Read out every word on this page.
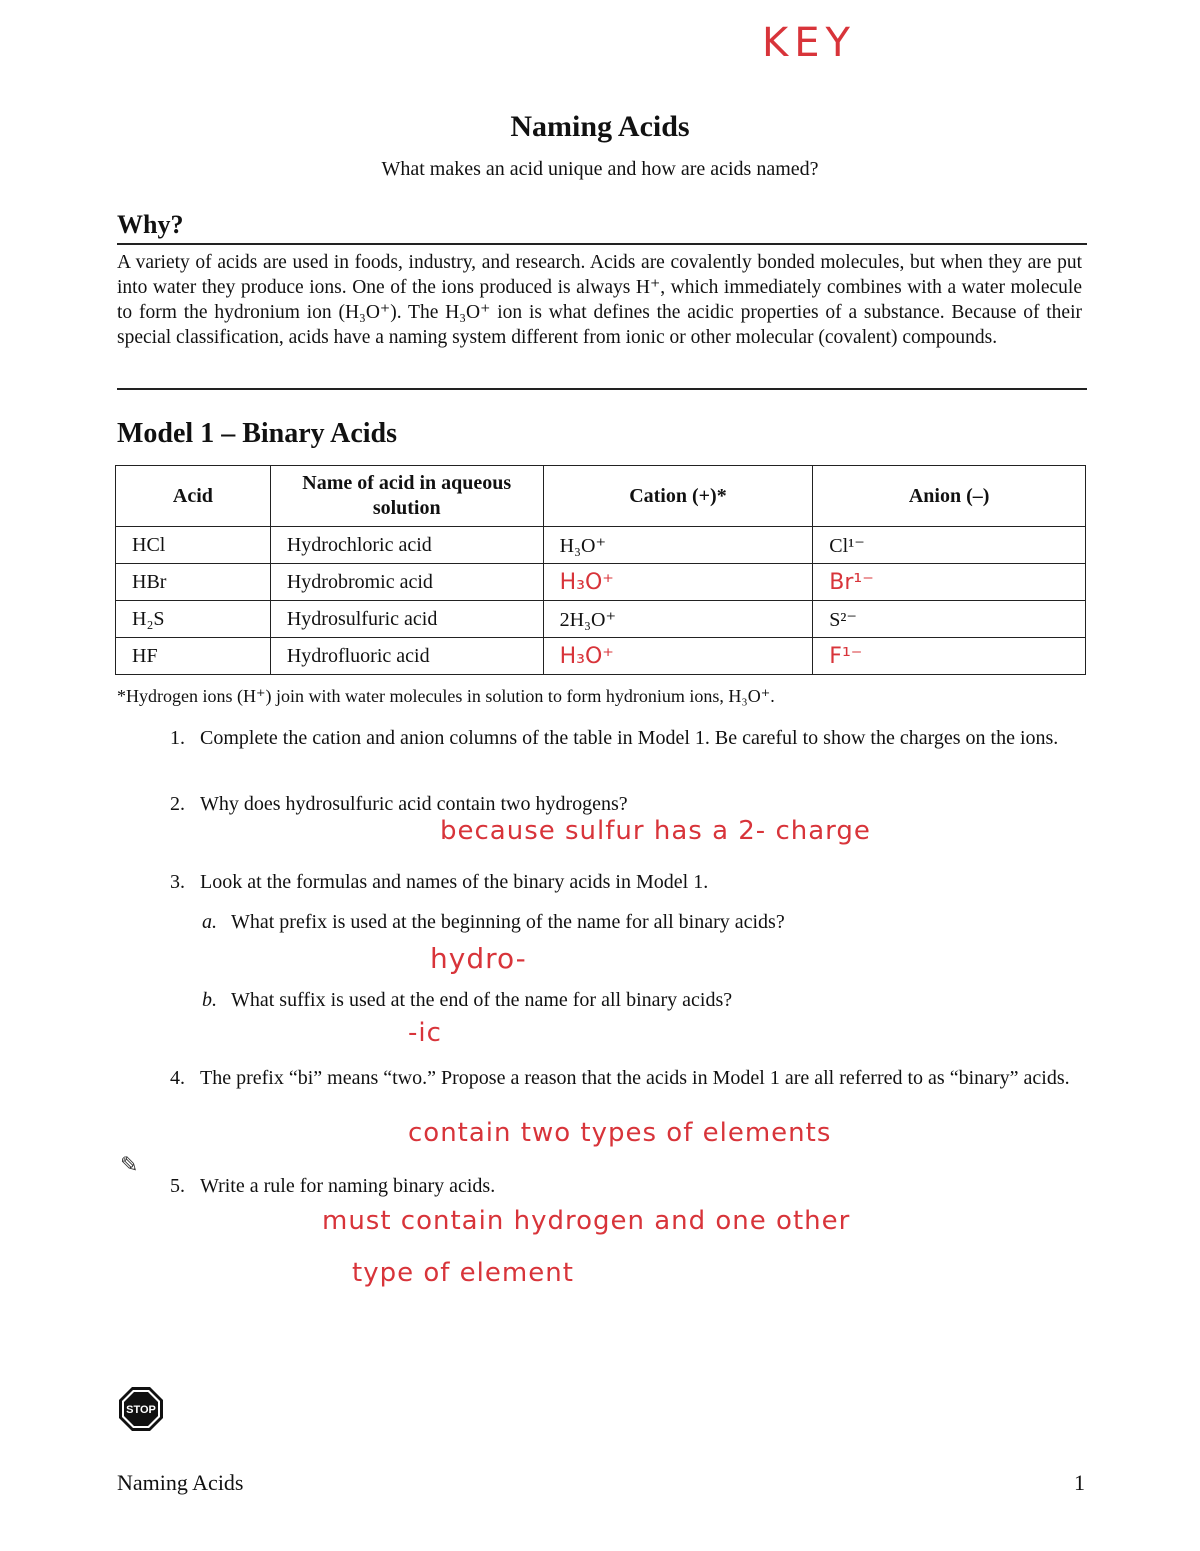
KEY
Naming Acids
What makes an acid unique and how are acids named?
Why?
A variety of acids are used in foods, industry, and research. Acids are covalently bonded molecules, but when they are put into water they produce ions. One of the ions produced is always H⁺, which immediately combines with a water molecule to form the hydronium ion (H₃O⁺). The H₃O⁺ ion is what defines the acidic properties of a substance. Because of their special classification, acids have a naming system different from ionic or other molecular (covalent) compounds.
Model 1 – Binary Acids
Acid	Name of acid in aqueous solution	Cation (+)*	Anion (–)
HCl	Hydrochloric acid	H₃O⁺	Cl¹⁻
HBr	Hydrobromic acid	H₃O⁺	Br¹⁻
H₂S	Hydrosulfuric acid	2H₃O⁺	S²⁻
HF	Hydrofluoric acid	H₃O⁺	F¹⁻
*Hydrogen ions (H⁺) join with water molecules in solution to form hydronium ions, H₃O⁺.
1. Complete the cation and anion columns of the table in Model 1. Be careful to show the charges on the ions.
2. Why does hydrosulfuric acid contain two hydrogens?
because sulfur has a 2- charge
3. Look at the formulas and names of the binary acids in Model 1.
a. What prefix is used at the beginning of the name for all binary acids?
hydro-
b. What suffix is used at the end of the name for all binary acids?
-ic
4. The prefix “bi” means “two.” Propose a reason that the acids in Model 1 are all referred to as “binary” acids.
contain two types of elements
✎
5. Write a rule for naming binary acids.
must contain hydrogen and one other
type of element
STOP
Naming Acids	1
